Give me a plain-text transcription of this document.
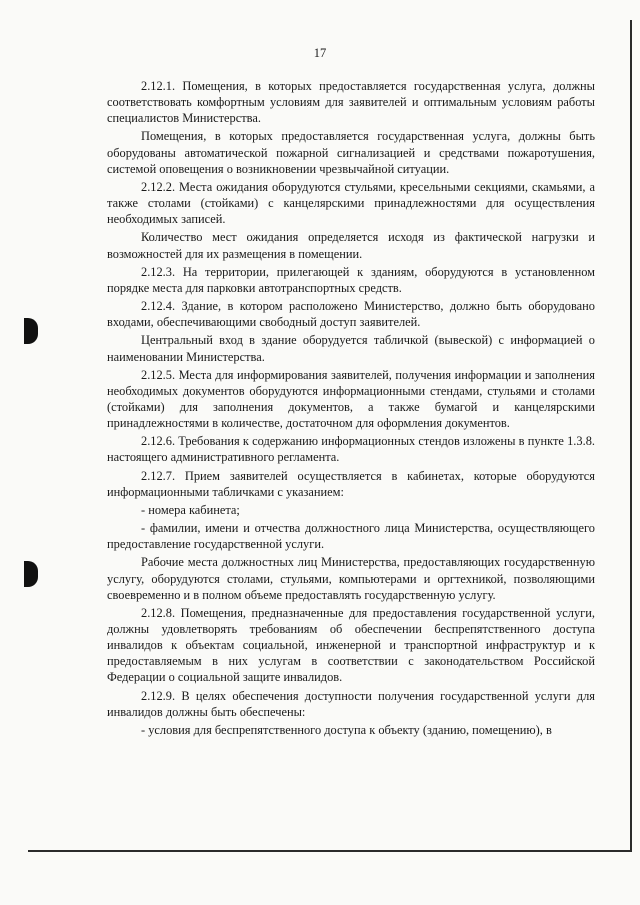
17

2.12.1. Помещения, в которых предоставляется государственная услуга, должны соответствовать комфортным условиям для заявителей и оптимальным условиям работы специалистов Министерства.

Помещения, в которых предоставляется государственная услуга, должны быть оборудованы автоматической пожарной сигнализацией и средствами пожаротушения, системой оповещения о возникновении чрезвычайной ситуации.

2.12.2. Места ожидания оборудуются стульями, кресельными секциями, скамьями, а также столами (стойками) с канцелярскими принадлежностями для осуществления необходимых записей.

Количество мест ожидания определяется исходя из фактической нагрузки и возможностей для их размещения в помещении.

2.12.3. На территории, прилегающей к зданиям, оборудуются в установленном порядке места для парковки автотранспортных средств.

2.12.4. Здание, в котором расположено Министерство, должно быть оборудовано входами, обеспечивающими свободный доступ заявителей.

Центральный вход в здание оборудуется табличкой (вывеской) с информацией о наименовании Министерства.

2.12.5. Места для информирования заявителей, получения информации и заполнения необходимых документов оборудуются информационными стендами, стульями и столами (стойками) для заполнения документов, а также бумагой и канцелярскими принадлежностями в количестве, достаточном для оформления документов.

2.12.6. Требования к содержанию информационных стендов изложены в пункте 1.3.8. настоящего административного регламента.

2.12.7. Прием заявителей осуществляется в кабинетах, которые оборудуются информационными табличками с указанием:

- номера кабинета;

- фамилии, имени и отчества должностного лица Министерства, осуществляющего предоставление государственной услуги.

Рабочие места должностных лиц Министерства, предоставляющих государственную услугу, оборудуются столами, стульями, компьютерами и оргтехникой, позволяющими своевременно и в полном объеме предоставлять государственную услугу.

2.12.8. Помещения, предназначенные для предоставления государственной услуги, должны удовлетворять требованиям об обеспечении беспрепятственного доступа инвалидов к объектам социальной, инженерной и транспортной инфраструктур и к предоставляемым в них услугам в соответствии с законодательством Российской Федерации о социальной защите инвалидов.

2.12.9. В целях обеспечения доступности получения государственной услуги для инвалидов должны быть обеспечены:

- условия для беспрепятственного доступа к объекту (зданию, помещению), в
